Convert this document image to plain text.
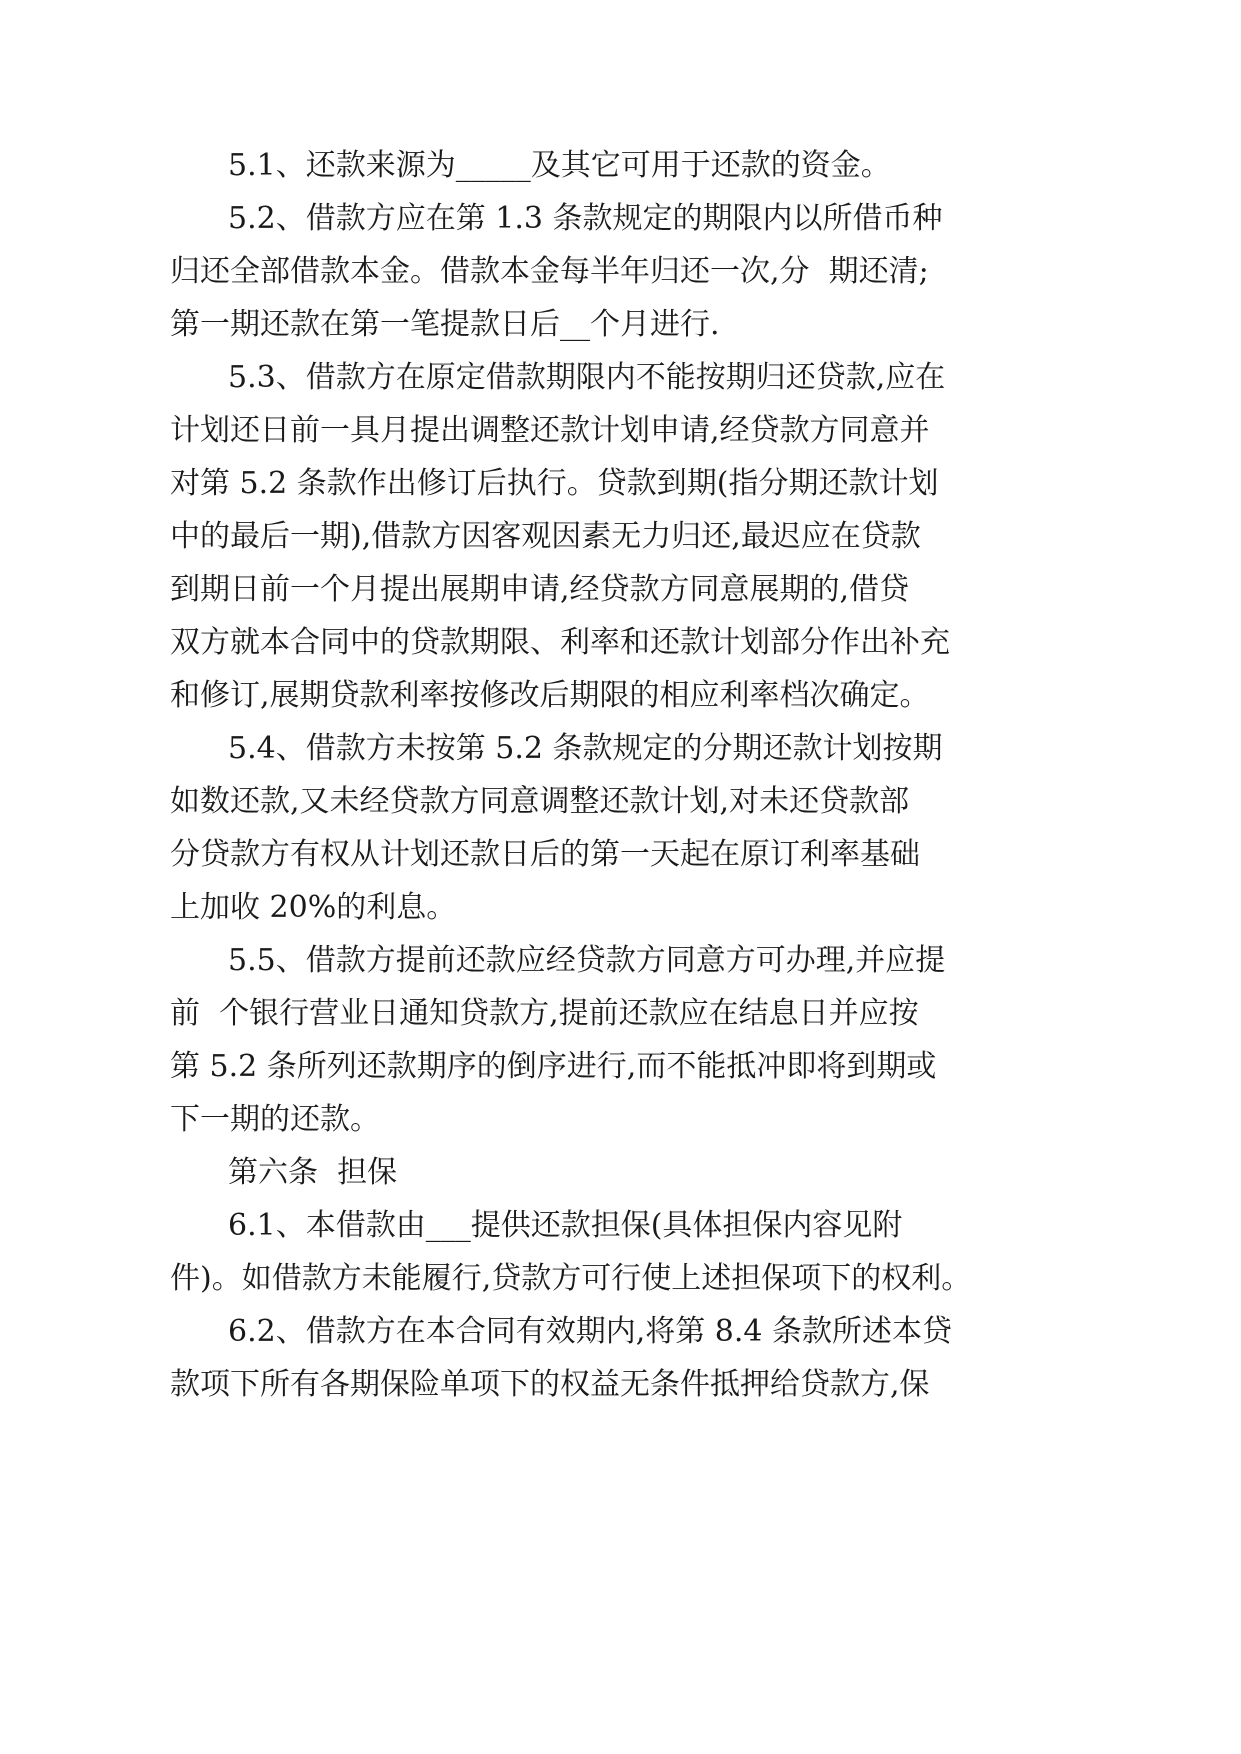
5.1、还款来源为_____及其它可用于还款的资金。
5.2、借款方应在第 1.3 条款规定的期限内以所借币种
归还全部借款本金。借款本金每半年归还一次,分  期还清;
第一期还款在第一笔提款日后__个月进行.
5.3、借款方在原定借款期限内不能按期归还贷款,应在
计划还日前一具月提出调整还款计划申请,经贷款方同意并
对第 5.2 条款作出修订后执行。贷款到期(指分期还款计划
中的最后一期),借款方因客观因素无力归还,最迟应在贷款
到期日前一个月提出展期申请,经贷款方同意展期的,借贷
双方就本合同中的贷款期限、利率和还款计划部分作出补充
和修订,展期贷款利率按修改后期限的相应利率档次确定。
5.4、借款方未按第 5.2 条款规定的分期还款计划按期
如数还款,又未经贷款方同意调整还款计划,对未还贷款部
分贷款方有权从计划还款日后的第一天起在原订利率基础
上加收 20%的利息。
5.5、借款方提前还款应经贷款方同意方可办理,并应提
前  个银行营业日通知贷款方,提前还款应在结息日并应按
第 5.2 条所列还款期序的倒序进行,而不能抵冲即将到期或
下一期的还款。
第六条  担保
6.1、本借款由___提供还款担保(具体担保内容见附
件)。如借款方未能履行,贷款方可行使上述担保项下的权利。
6.2、借款方在本合同有效期内,将第 8.4 条款所述本贷
款项下所有各期保险单项下的权益无条件抵押给贷款方,保
